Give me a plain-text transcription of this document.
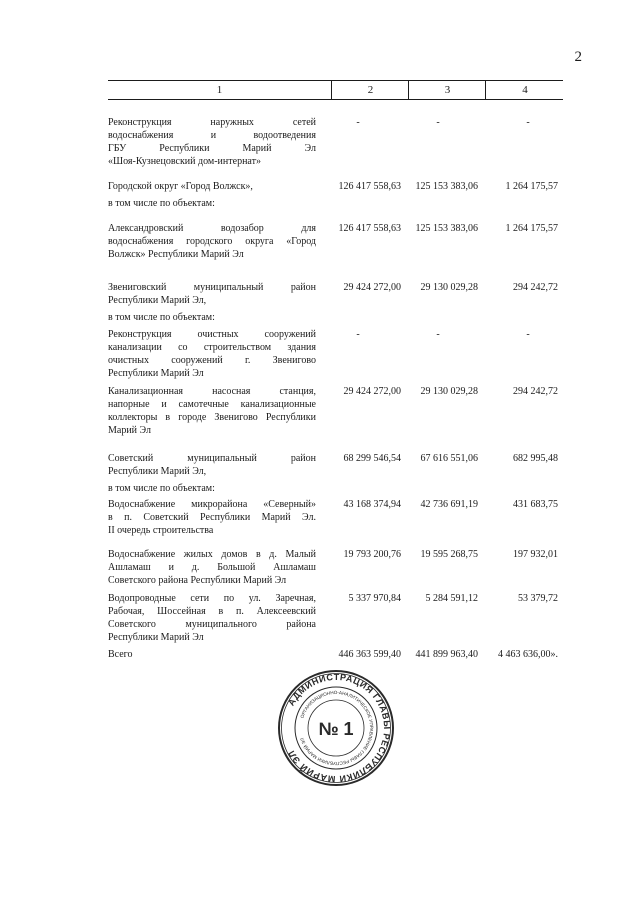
2
1	2	3	4
Реконструкция наружных сетей
водоснабжения и водоотведения
ГБУ Республики Марий Эл
«Шоя-Кузнецовский дом-интернат»
-	-	-
Городской округ «Город Волжск»,
в том числе по объектам:
126 417 558,63	125 153 383,06	1 264 175,57
Александровский водозабор для
водоснабжения городского округа «Город
Волжск» Республики Марий Эл
126 417 558,63	125 153 383,06	1 264 175,57
Звениговский муниципальный район
Республики Марий Эл,
в том числе по объектам:
29 424 272,00	29 130 029,28	294 242,72
Реконструкция очистных сооружений
канализации со строительством здания
очистных сооружений г. Звенигово
Республики Марий Эл
-	-	-
Канализационная насосная станция,
напорные и самотечные канализационные
коллекторы в городе Звенигово Республики
Марий Эл
29 424 272,00	29 130 029,28	294 242,72
Советский муниципальный район
Республики Марий Эл,
в том числе по объектам:
68 299 546,54	67 616 551,06	682 995,48
Водоснабжение микрорайона «Северный»
в п. Советский Республики Марий Эл.
II очередь строительства
43 168 374,94	42 736 691,19	431 683,75
Водоснабжение жилых домов в д. Малый
Ашламаш и д. Большой Ашламаш
Советского района Республики Марий Эл
19 793 200,76	19 595 268,75	197 932,01
Водопроводные сети по ул. Заречная,
Рабочая, Шоссейная в п. Алексеевский
Советского муниципального района
Республики Марий Эл
5 337 970,84	5 284 591,12	53 379,72
Всего	446 363 599,40	441 899 963,40	4 463 636,00».
АДМИНИСТРАЦИЯ ГЛАВЫ РЕСПУБЛИКИ МАРИЙ ЭЛ
ОРГАНИЗАЦИОННО-АНАЛИТИЧЕСКОЕ УПРАВЛЕНИЕ ГЛАВЫ РЕСПУБЛИКИ МАРИЙ ЭЛ
№ 1
